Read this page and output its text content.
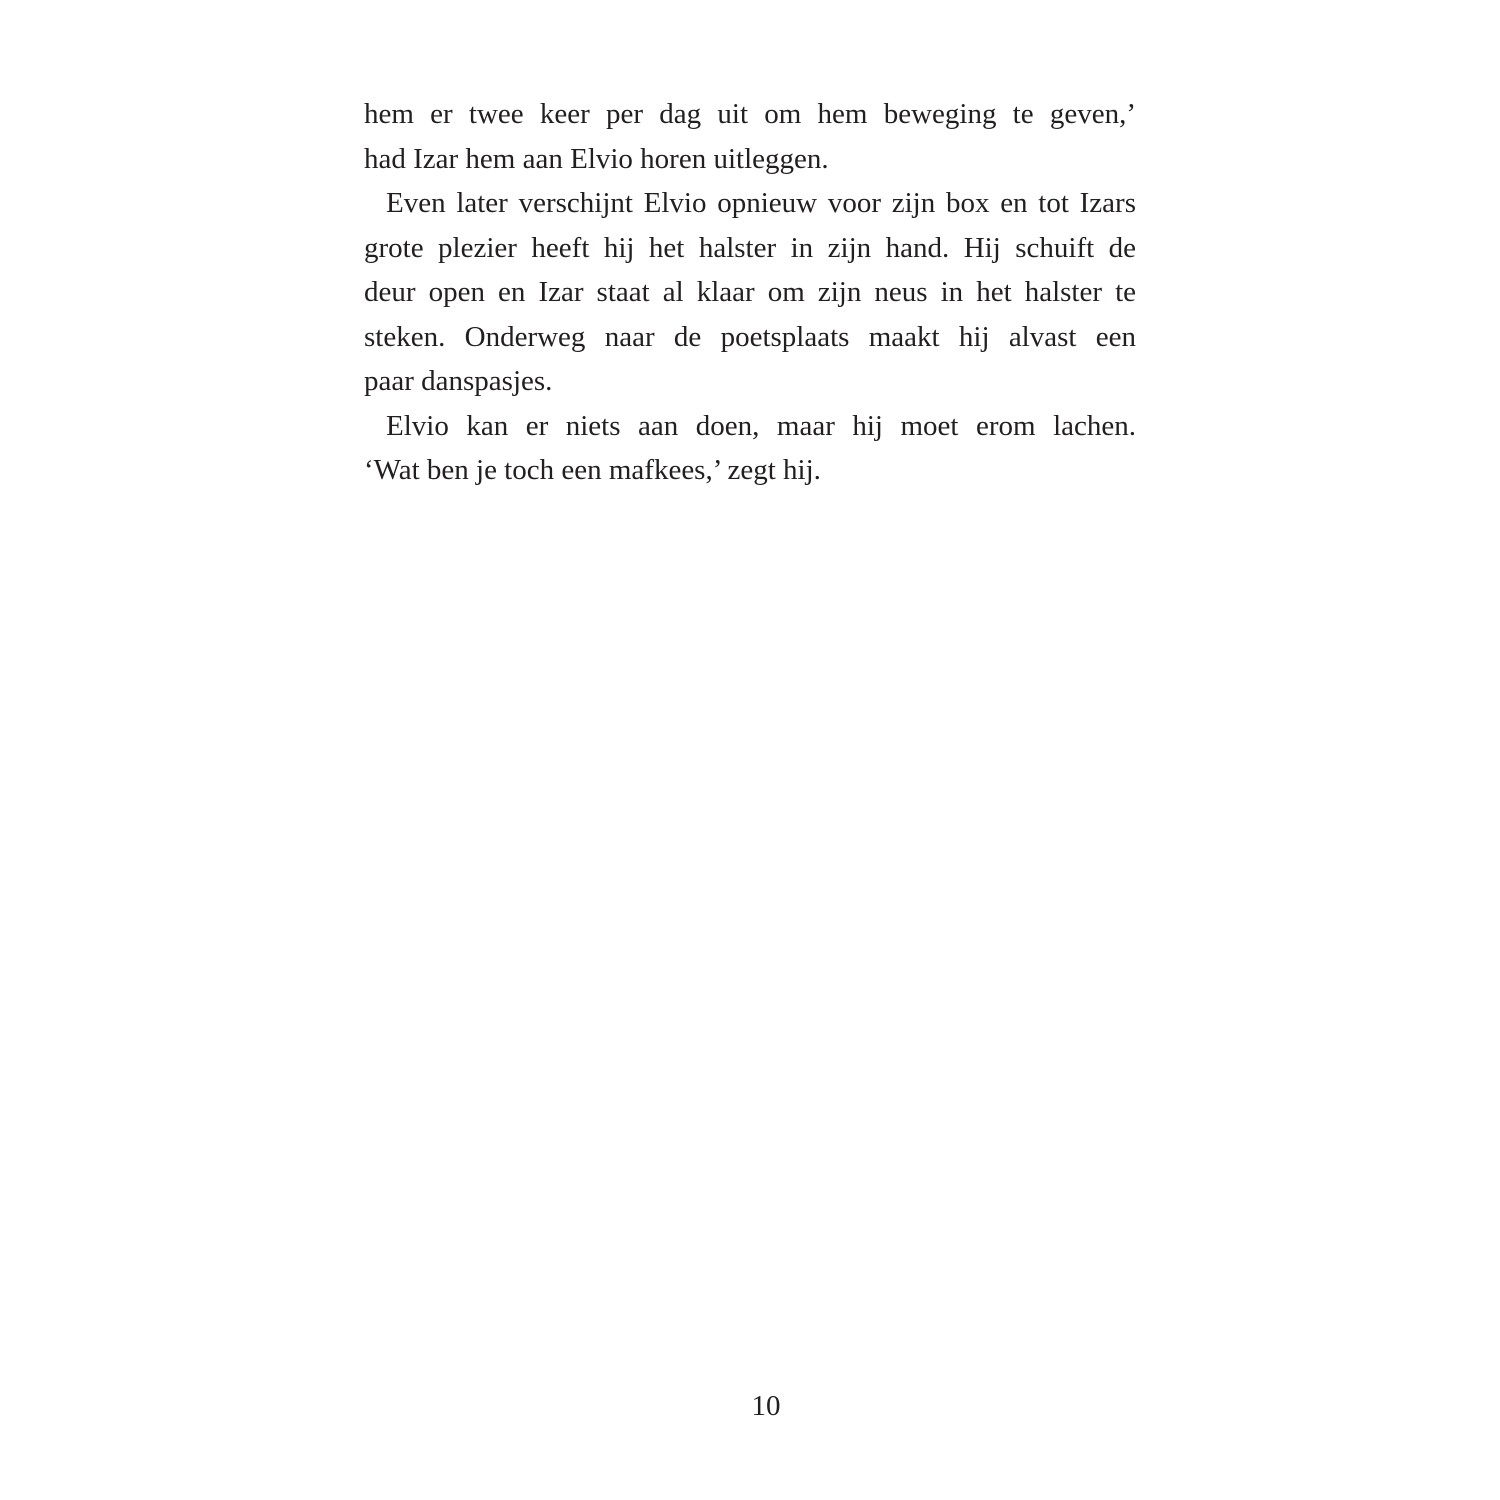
hem er twee keer per dag uit om hem beweging te geven,’
had Izar hem aan Elvio horen uitleggen.
Even later verschijnt Elvio opnieuw voor zijn box en tot Izars
grote plezier heeft hij het halster in zijn hand. Hij schuift de
deur open en Izar staat al klaar om zijn neus in het halster te
steken. Onderweg naar de poetsplaats maakt hij alvast een
paar danspasjes.
Elvio kan er niets aan doen, maar hij moet erom lachen.
‘Wat ben je toch een mafkees,’ zegt hij.
10
